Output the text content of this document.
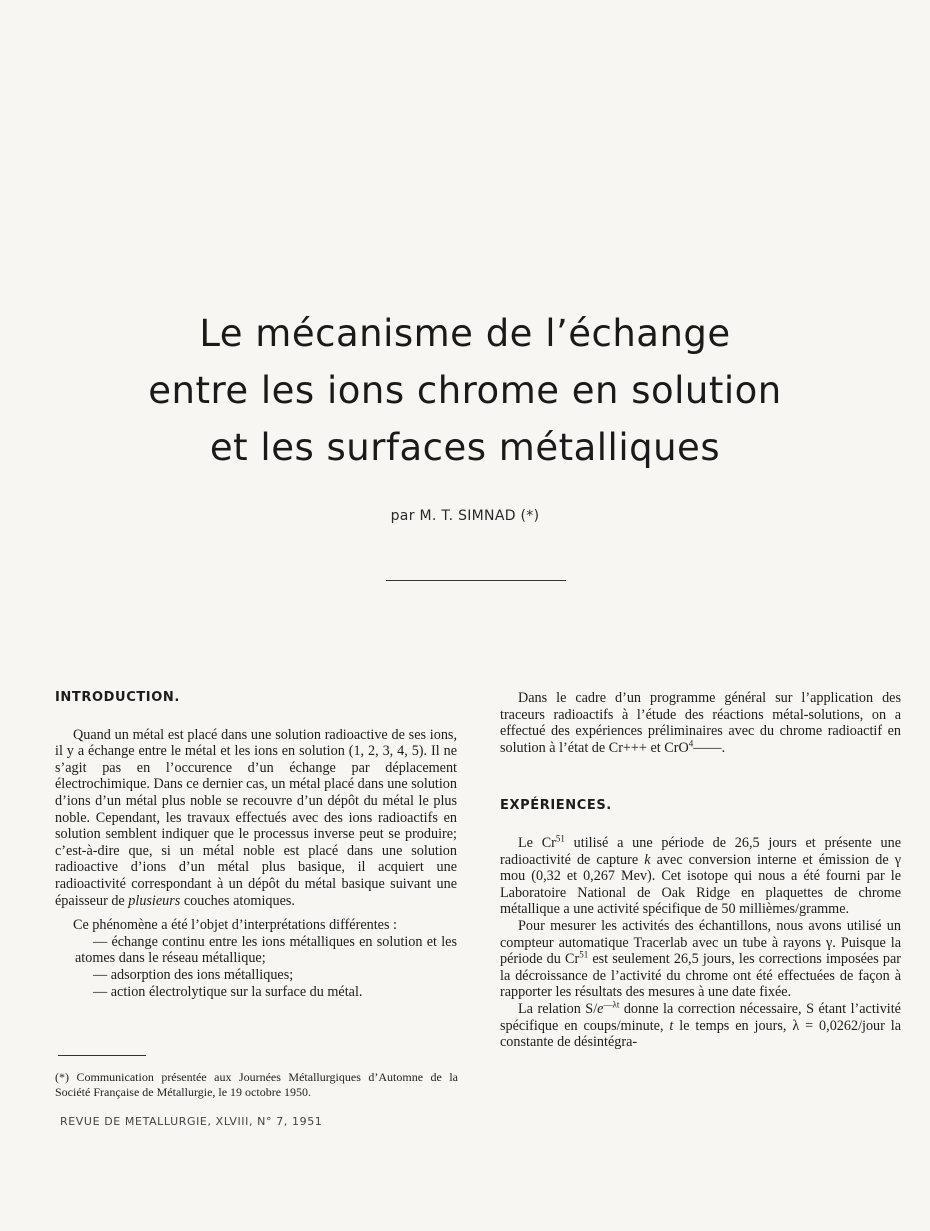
Le mécanisme de l’échange
entre les ions chrome en solution
et les surfaces métalliques
par M. T. SIMNAD (*)
INTRODUCTION.

Quand un métal est placé dans une solution radioactive de ses ions, il y a échange entre le métal et les ions en solution (1, 2, 3, 4, 5). Il ne s’agit pas en l’occurence d’un échange par déplacement électrochimique. Dans ce dernier cas, un métal placé dans une solution d’ions d’un métal plus noble se recouvre d’un dépôt du métal le plus noble. Cependant, les travaux effectués avec des ions radioactifs en solution semblent indiquer que le processus inverse peut se produire; c’est-à-dire que, si un métal noble est placé dans une solution radioactive d’ions d’un métal plus basique, il acquiert une radioactivité correspondant à un dépôt du métal basique suivant une épaisseur de plusieurs couches atomiques.

Ce phénomène a été l’objet d’interprétations différentes :

— échange continu entre les ions métalliques en solution et les atomes dans le réseau métallique;

— adsorption des ions métalliques;

— action électrolytique sur la surface du métal.

Dans le cadre d’un programme général sur l’application des traceurs radioactifs à l’étude des réactions métal-solutions, on a effectué des expériences préliminaires avec du chrome radioactif en solution à l’état de Cr+++ et CrO$^4$——.

EXPÉRIENCES.

Le Cr$^{51}$ utilisé a une période de 26,5 jours et présente une radioactivité de capture k avec conversion interne et émission de γ mou (0,32 et 0,267 Mev). Cet isotope qui nous a été fourni par le Laboratoire National de Oak Ridge en plaquettes de chrome métallique a une activité spécifique de 50 millièmes/gramme.

Pour mesurer les activités des échantillons, nous avons utilisé un compteur automatique Tracerlab avec un tube à rayons γ. Puisque la période du Cr$^{51}$ est seulement 26,5 jours, les corrections imposées par la décroissance de l’activité du chrome ont été effectuées de façon à rapporter les résultats des mesures à une date fixée.

La relation $S/e^{—\lambda t}$ donne la correction nécessaire, S étant l’activité spécifique en coups/minute, t le temps en jours, λ = 0,0262/jour la constante de désintégra-

(*) Communication présentée aux Journées Métallurgiques d’Automne de la Société Française de Métallurgie, le 19 octobre 1950.
REVUE DE METALLURGIE, XLVIII, N° 7, 1951
